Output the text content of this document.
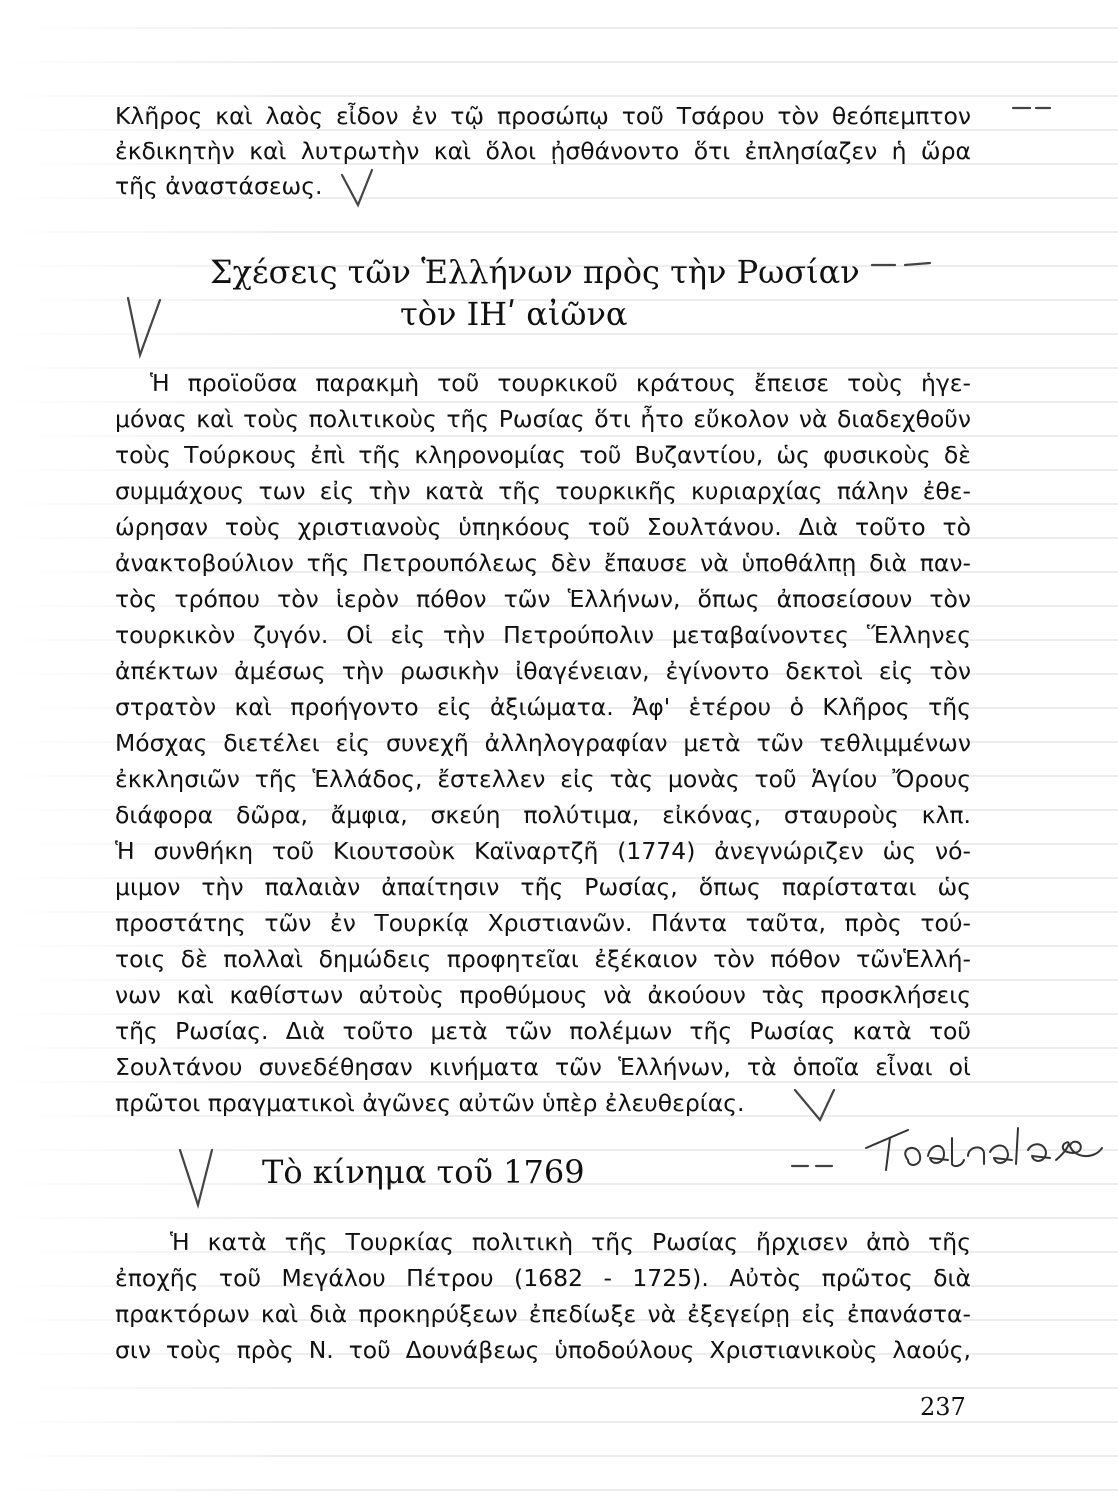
Κλῆρος καὶ λαὸς εἶδον ἐν τῷ προσώπῳ τοῦ Τσάρου τὸν θεόπεμπτον
ἐκδικητὴν καὶ λυτρωτὴν καὶ ὅλοι ᾐσθάνοντο ὅτι ἐπλησίαζεν ἡ ὥρα
τῆς ἀναστάσεως.
Σχέσεις τῶν Ἑλλήνων πρὸς τὴν Ρωσίαν
τὸν ΙΗʹ αἰῶνα
Ἡ προϊοῦσα παρακμὴ τοῦ τουρκικοῦ κράτους ἔπεισε τοὺς ἡγε-
μόνας καὶ τοὺς πολιτικοὺς τῆς Ρωσίας ὅτι ἦτο εὔκολον νὰ διαδεχθοῦν
τοὺς Τούρκους ἐπὶ τῆς κληρονομίας τοῦ Βυζαντίου, ὡς φυσικοὺς δὲ
συμμάχους των εἰς τὴν κατὰ τῆς τουρκικῆς κυριαρχίας πάλην ἐθε-
ώρησαν τοὺς χριστιανοὺς ὑπηκόους τοῦ Σουλτάνου. Διὰ τοῦτο τὸ
ἀνακτοβούλιον τῆς Πετρουπόλεως δὲν ἔπαυσε νὰ ὑποθάλπῃ διὰ παν-
τὸς τρόπου τὸν ἱερὸν πόθον τῶν Ἑλλήνων, ὅπως ἀποσείσουν τὸν
τουρκικὸν ζυγόν. Οἱ εἰς τὴν Πετρούπολιν μεταβαίνοντες Ἕλληνες
ἀπέκτων ἀμέσως τὴν ρωσικὴν ἰθαγένειαν, ἐγίνοντο δεκτοὶ εἰς τὸν
στρατὸν καὶ προήγοντο εἰς ἀξιώματα. Ἀφ' ἑτέρου ὁ Κλῆρος τῆς
Μόσχας διετέλει εἰς συνεχῆ ἀλληλογραφίαν μετὰ τῶν τεθλιμμένων
ἐκκλησιῶν τῆς Ἑλλάδος, ἔστελλεν εἰς τὰς μονὰς τοῦ Ἁγίου Ὄρους
διάφορα δῶρα, ἄμφια, σκεύη πολύτιμα, εἰκόνας, σταυροὺς κλπ.
Ἡ συνθήκη τοῦ Κιουτσοὺκ Καϊναρτζῆ (1774) ἀνεγνώριζεν ὡς νό-
μιμον τὴν παλαιὰν ἀπαίτησιν τῆς Ρωσίας, ὅπως παρίσταται ὡς
προστάτης τῶν ἐν Τουρκίᾳ Χριστιανῶν. Πάντα ταῦτα, πρὸς τού-
τοις δὲ πολλαὶ δημώδεις προφητεῖαι ἐξέκαιον τὸν πόθον τῶνἙλλή-
νων καὶ καθίστων αὐτοὺς προθύμους νὰ ἀκούουν τὰς προσκλήσεις
τῆς Ρωσίας. Διὰ τοῦτο μετὰ τῶν πολέμων τῆς Ρωσίας κατὰ τοῦ
Σουλτάνου συνεδέθησαν κινήματα τῶν Ἑλλήνων, τὰ ὁποῖα εἶναι οἱ
πρῶτοι πραγματικοὶ ἀγῶνες αὐτῶν ὑπὲρ ἐλευθερίας.
Τὸ κίνημα τοῦ 1769
Ἡ κατὰ τῆς Τουρκίας πολιτικὴ τῆς Ρωσίας ἤρχισεν ἀπὸ τῆς
ἐποχῆς τοῦ Μεγάλου Πέτρου (1682 - 1725). Αὐτὸς πρῶτος διὰ
πρακτόρων καὶ διὰ προκηρύξεων ἐπεδίωξε νὰ ἐξεγείρῃ εἰς ἐπανάστα-
σιν τοὺς πρὸς Ν. τοῦ Δουνάβεως ὑποδούλους Χριστιανικοὺς λαούς,
237
